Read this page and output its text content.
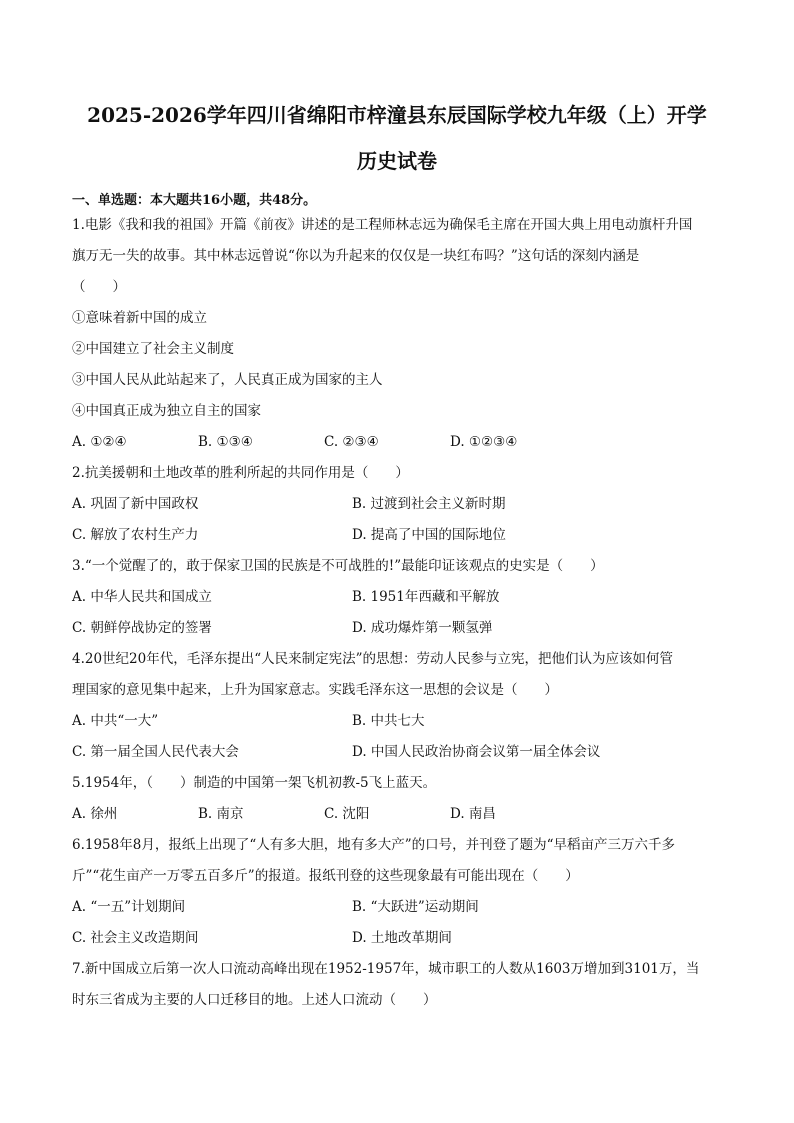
2025-2026学年四川省绵阳市梓潼县东辰国际学校九年级（上）开学
历史试卷
一、单选题：本大题共16小题，共48分。
1.电影《我和我的祖国》开篇《前夜》讲述的是工程师林志远为确保毛主席在开国大典上用电动旗杆升国
旗万无一失的故事。其中林志远曾说“你以为升起来的仅仅是一块红布吗？”这句话的深刻内涵是
（　　）
①意味着新中国的成立
②中国建立了社会主义制度
③中国人民从此站起来了，人民真正成为国家的主人
④中国真正成为独立自主的国家
A. ①②④	B. ①③④	C. ②③④	D. ①②③④
2.抗美援朝和土地改革的胜利所起的共同作用是（　　）
A. 巩固了新中国政权	B. 过渡到社会主义新时期
C. 解放了农村生产力	D. 提高了中国的国际地位
3.“一个觉醒了的，敢于保家卫国的民族是不可战胜的!”最能印证该观点的史实是（　　）
A. 中华人民共和国成立	B. 1951年西藏和平解放
C. 朝鲜停战协定的签署	D. 成功爆炸第一颗氢弹
4.20世纪20年代，毛泽东提出“人民来制定宪法”的思想：劳动人民参与立宪，把他们认为应该如何管
理国家的意见集中起来，上升为国家意志。实践毛泽东这一思想的会议是（　　）
A. 中共“一大”	B. 中共七大
C. 第一届全国人民代表大会	D. 中国人民政治协商会议第一届全体会议
5.1954年，（　　）制造的中国第一架飞机初教-5飞上蓝天。
A. 徐州	B. 南京	C. 沈阳	D. 南昌
6.1958年8月，报纸上出现了“人有多大胆，地有多大产”的口号，并刊登了题为“早稻亩产三万六千多
斤”“花生亩产一万零五百多斤”的报道。报纸刊登的这些现象最有可能出现在（　　）
A. “一五”计划期间	B. “大跃进”运动期间
C. 社会主义改造期间	D. 土地改革期间
7.新中国成立后第一次人口流动高峰出现在1952-1957年，城市职工的人数从1603万增加到3101万，当
时东三省成为主要的人口迁移目的地。上述人口流动（　　）
